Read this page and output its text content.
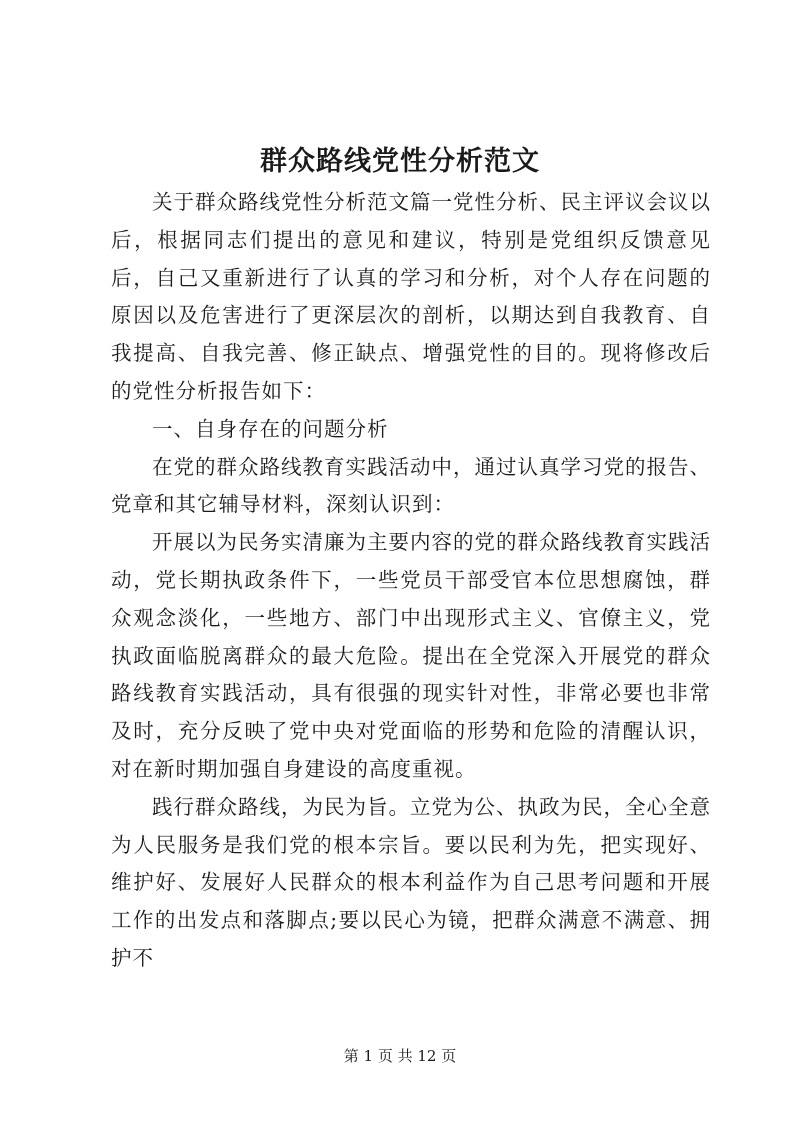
群众路线党性分析范文

关于群众路线党性分析范文篇一党性分析、民主评议会议以后，根据同志们提出的意见和建议，特别是党组织反馈意见后，自己又重新进行了认真的学习和分析，对个人存在问题的原因以及危害进行了更深层次的剖析，以期达到自我教育、自我提高、自我完善、修正缺点、增强党性的目的。现将修改后的党性分析报告如下：

一、自身存在的问题分析

在党的群众路线教育实践活动中，通过认真学习党的报告、党章和其它辅导材料，深刻认识到：

开展以为民务实清廉为主要内容的党的群众路线教育实践活动，党长期执政条件下，一些党员干部受官本位思想腐蚀，群众观念淡化，一些地方、部门中出现形式主义、官僚主义，党执政面临脱离群众的最大危险。提出在全党深入开展党的群众路线教育实践活动，具有很强的现实针对性，非常必要也非常及时，充分反映了党中央对党面临的形势和危险的清醒认识，对在新时期加强自身建设的高度重视。

践行群众路线，为民为旨。立党为公、执政为民，全心全意为人民服务是我们党的根本宗旨。要以民利为先，把实现好、维护好、发展好人民群众的根本利益作为自己思考问题和开展工作的出发点和落脚点;要以民心为镜，把群众满意不满意、拥护不

第 1 页 共 12 页
